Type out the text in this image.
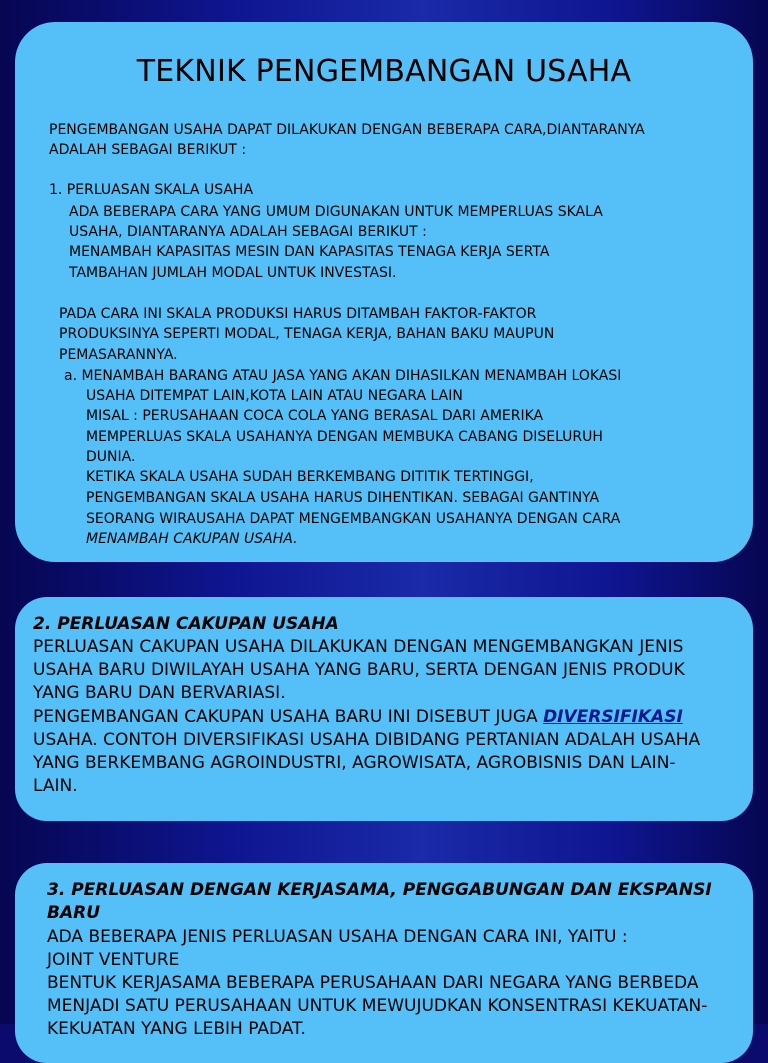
TEKNIK PENGEMBANGAN USAHA
PENGEMBANGAN USAHA DAPAT DILAKUKAN DENGAN BEBERAPA CARA,DIANTARANYA
ADALAH SEBAGAI BERIKUT :
1. PERLUASAN SKALA USAHA
ADA BEBERAPA CARA YANG UMUM DIGUNAKAN UNTUK MEMPERLUAS SKALA
USAHA, DIANTARANYA ADALAH SEBAGAI BERIKUT :
MENAMBAH KAPASITAS MESIN DAN KAPASITAS TENAGA KERJA SERTA
TAMBAHAN JUMLAH MODAL UNTUK INVESTASI.
PADA CARA INI SKALA PRODUKSI HARUS DITAMBAH FAKTOR-FAKTOR
PRODUKSINYA SEPERTI MODAL, TENAGA KERJA, BAHAN BAKU MAUPUN
PEMASARANNYA.
a. MENAMBAH BARANG ATAU JASA YANG AKAN DIHASILKAN MENAMBAH LOKASI
USAHA DITEMPAT LAIN,KOTA LAIN ATAU NEGARA LAIN
MISAL : PERUSAHAAN COCA COLA YANG BERASAL DARI AMERIKA
MEMPERLUAS SKALA USAHANYA DENGAN MEMBUKA CABANG DISELURUH
DUNIA.
KETIKA SKALA USAHA SUDAH BERKEMBANG DITITIK TERTINGGI,
PENGEMBANGAN SKALA USAHA HARUS DIHENTIKAN. SEBAGAI GANTINYA
SEORANG WIRAUSAHA DAPAT MENGEMBANGKAN USAHANYA DENGAN CARA
MENAMBAH CAKUPAN USAHA.
2. PERLUASAN CAKUPAN USAHA
PERLUASAN CAKUPAN USAHA DILAKUKAN DENGAN MENGEMBANGKAN JENIS
USAHA BARU DIWILAYAH USAHA YANG BARU, SERTA DENGAN JENIS PRODUK
YANG BARU DAN BERVARIASI.
PENGEMBANGAN CAKUPAN USAHA BARU INI DISEBUT JUGA DIVERSIFIKASI
USAHA. CONTOH DIVERSIFIKASI USAHA DIBIDANG PERTANIAN ADALAH USAHA
YANG BERKEMBANG AGROINDUSTRI, AGROWISATA, AGROBISNIS DAN LAIN-
LAIN.
3. PERLUASAN DENGAN KERJASAMA, PENGGABUNGAN DAN EKSPANSI
BARU
ADA BEBERAPA JENIS PERLUASAN USAHA DENGAN CARA INI, YAITU :
JOINT VENTURE
BENTUK KERJASAMA BEBERAPA PERUSAHAAN DARI NEGARA YANG BERBEDA
MENJADI SATU PERUSAHAAN UNTUK MEWUJUDKAN KONSENTRASI KEKUATAN-
KEKUATAN YANG LEBIH PADAT.
